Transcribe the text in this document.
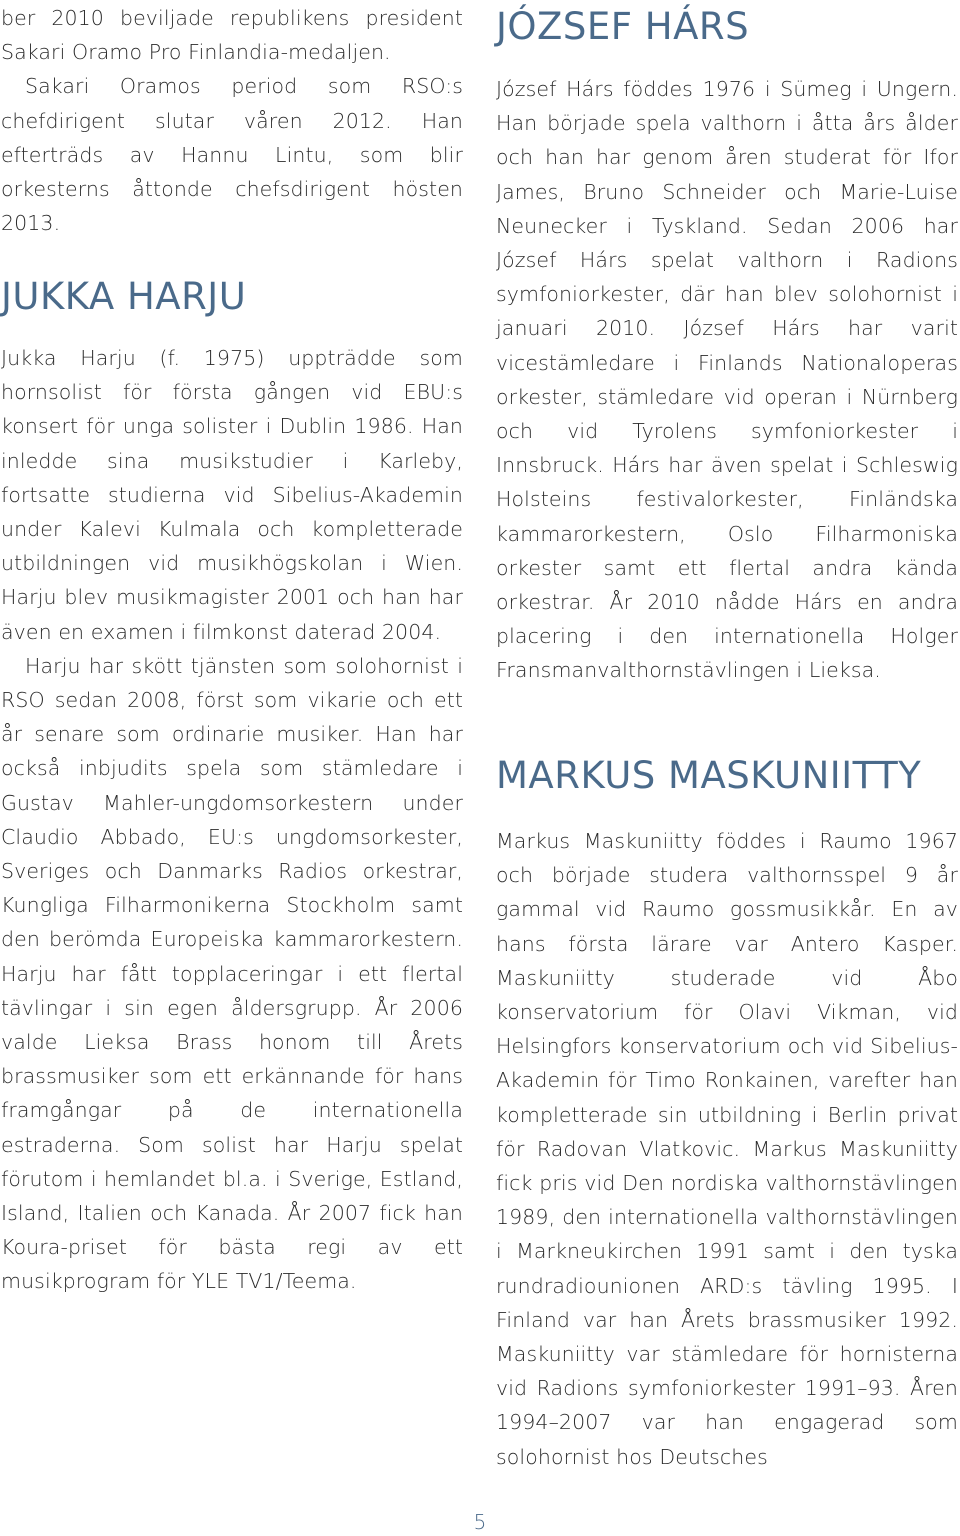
ber 2010 beviljade republikens president Sakari Oramo Pro Finlandia-medaljen.

Sakari Oramos period som RSO:s chefdirigent slutar våren 2012. Han efterträds av Hannu Lintu, som blir orkesterns åttonde chefsdirigent hösten 2013.

JUKKA HARJU

Jukka Harju (f. 1975) uppträdde som hornsolist för första gången vid EBU:s konsert för unga solister i Dublin 1986. Han inledde sina musikstudier i Karleby, fortsatte studierna vid Sibelius-Akademin under Kalevi Kulmala och kompletterade utbildningen vid musikhögskolan i Wien. Harju blev musikmagister 2001 och han har även en examen i filmkonst daterad 2004.

Harju har skött tjänsten som solohornist i RSO sedan 2008, först som vikarie och ett år senare som ordinarie musiker. Han har också inbjudits spela som stämledare i Gustav Mahler-ungdomsorkestern under Claudio Abbado, EU:s ungdomsorkester, Sveriges och Danmarks Radios orkestrar, Kungliga Filharmonikerna Stockholm samt den berömda Europeiska kammarorkestern. Harju har fått topplaceringar i ett flertal tävlingar i sin egen åldersgrupp. År 2006 valde Lieksa Brass honom till Årets brassmusiker som ett erkännande för hans framgångar på de internationella estraderna. Som solist har Harju spelat förutom i hemlandet bl.a. i Sverige, Estland, Island, Italien och Kanada. År 2007 fick han Koura-priset för bästa regi av ett musikprogram för YLE TV1/Teema.

JÓZSEF HÁRS

József Hárs föddes 1976 i Sümeg i Ungern. Han började spela valthorn i åtta års ålder och han har genom åren studerat för Ifor James, Bruno Schneider och Marie-Luise Neunecker i Tyskland. Sedan 2006 har József Hárs spelat valthorn i Radions symfoniorkester, där han blev solohornist i januari 2010. József Hárs har varit vicestämledare i Finlands Nationaloperas orkester, stämledare vid operan i Nürnberg och vid Tyrolens symfoniorkester i Innsbruck. Hárs har även spelat i Schleswig Holsteins festivalorkester, Finländska kammarorkestern, Oslo Filharmoniska orkester samt ett flertal andra kända orkestrar. År 2010 nådde Hárs en andra placering i den internationella Holger Fransmanvalthornstävlingen i Lieksa.

MARKUS MASKUNIITTY

Markus Maskuniitty föddes i Raumo 1967 och började studera valthornsspel 9 år gammal vid Raumo gossmusikkår. En av hans första lärare var Antero Kasper. Maskuniitty studerade vid Åbo konservatorium för Olavi Vikman, vid Helsingfors konservatorium och vid Sibelius-Akademin för Timo Ronkainen, varefter han kompletterade sin utbildning i Berlin privat för Radovan Vlatkovic. Markus Maskuniitty fick pris vid Den nordiska valthornstävlingen 1989, den internationella valthornstävlingen i Markneukirchen 1991 samt i den tyska rundradiounionen ARD:s tävling 1995. I Finland var han Årets brassmusiker 1992. Maskuniitty var stämledare för hornisterna vid Radions symfoniorkester 1991–93. Åren 1994–2007 var han engagerad som solohornist hos Deutsches

5
